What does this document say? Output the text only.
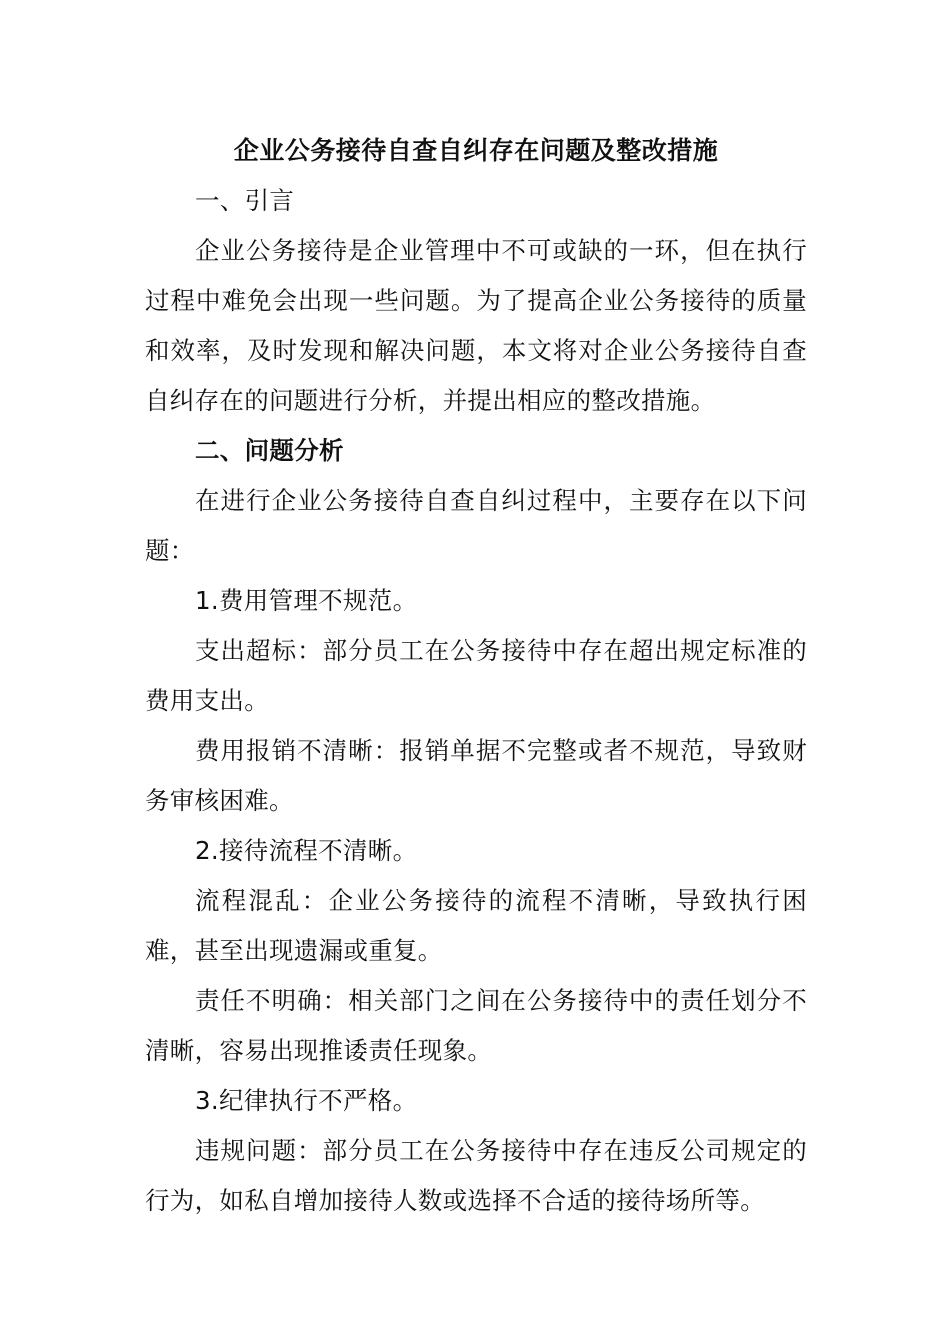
企业公务接待自查自纠存在问题及整改措施

一、引言

企业公务接待是企业管理中不可或缺的一环，但在执行过程中难免会出现一些问题。为了提高企业公务接待的质量和效率，及时发现和解决问题，本文将对企业公务接待自查自纠存在的问题进行分析，并提出相应的整改措施。

二、问题分析

在进行企业公务接待自查自纠过程中，主要存在以下问题：

1.费用管理不规范。

支出超标：部分员工在公务接待中存在超出规定标准的费用支出。

费用报销不清晰：报销单据不完整或者不规范，导致财务审核困难。

2.接待流程不清晰。

流程混乱：企业公务接待的流程不清晰，导致执行困难，甚至出现遗漏或重复。

责任不明确：相关部门之间在公务接待中的责任划分不清晰，容易出现推诿责任现象。

3.纪律执行不严格。

违规问题：部分员工在公务接待中存在违反公司规定的行为，如私自增加接待人数或选择不合适的接待场所等。
